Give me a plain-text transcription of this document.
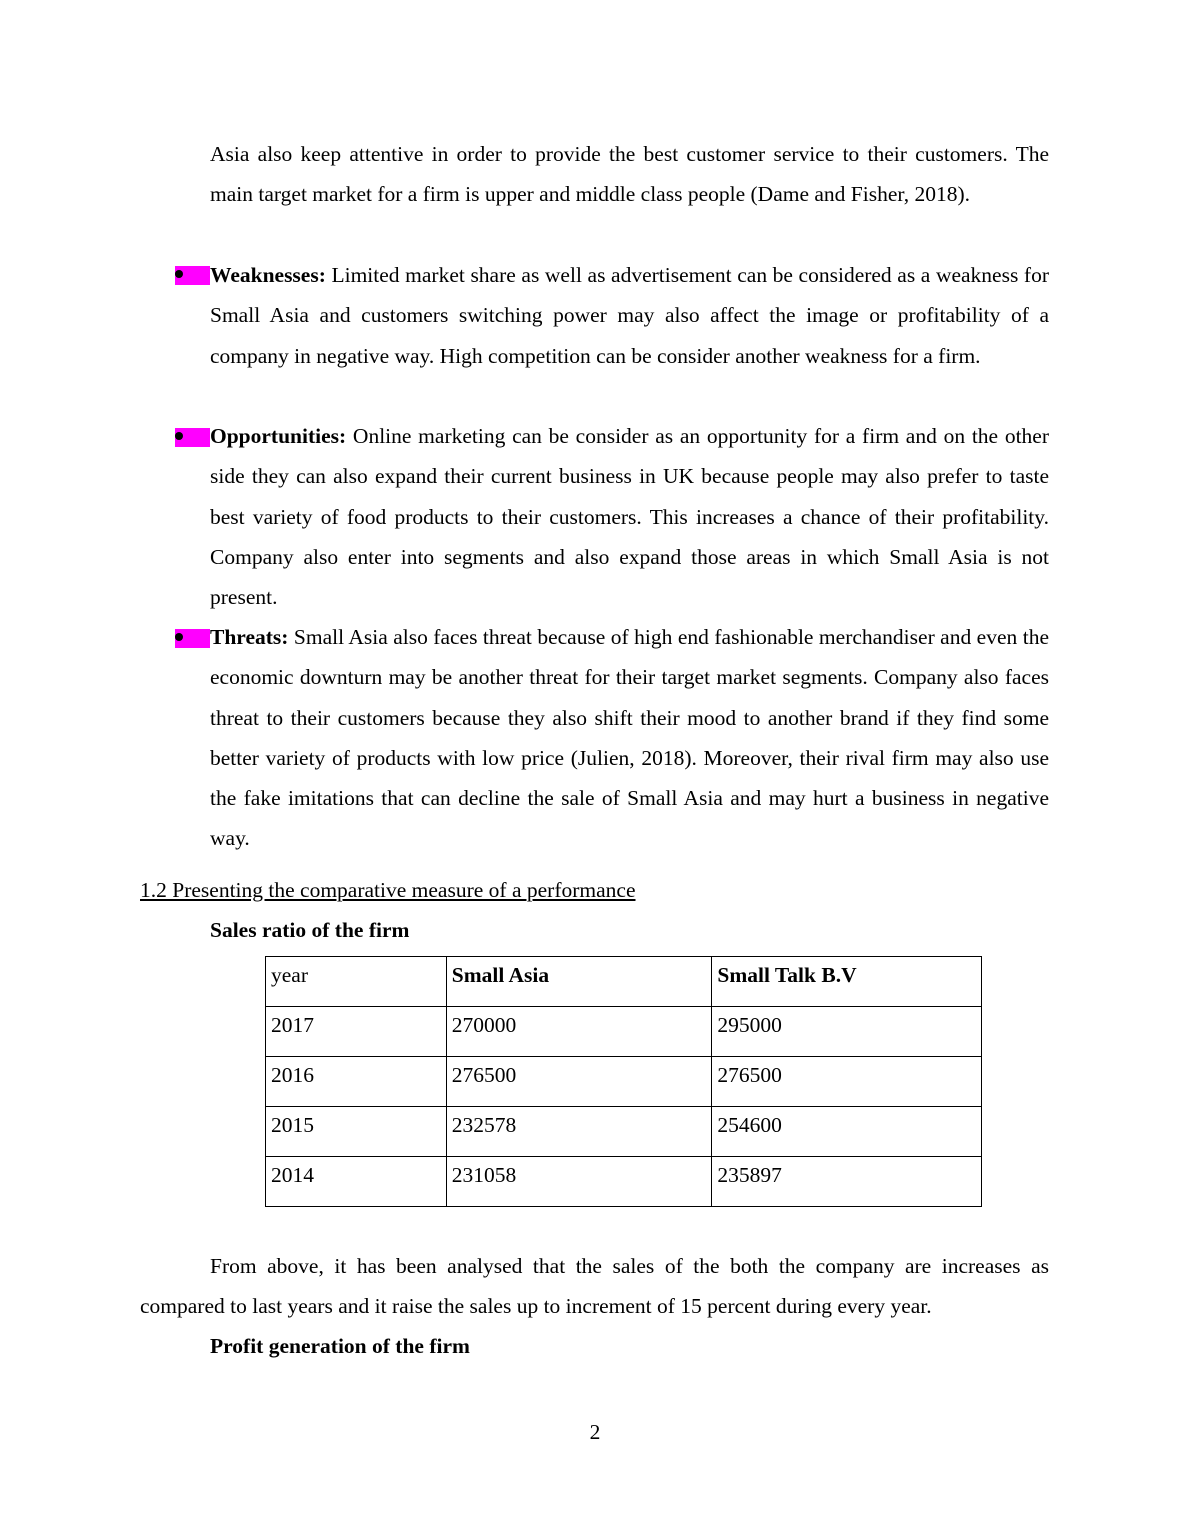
Asia also keep attentive in order to provide the best customer service to their customers. The main target market for a firm is upper and middle class people (Dame and Fisher, 2018).

Weaknesses: Limited market share as well as advertisement can be considered as a weakness for Small Asia and customers switching power may also affect the image or profitability of a company in negative way. High competition can be consider another weakness for a firm.

Opportunities: Online marketing can be consider as an opportunity for a firm and on the other side they can also expand their current business in UK because people may also prefer to taste best variety of food products to their customers. This increases a chance of their profitability. Company also enter into segments and also expand those areas in which Small Asia is not present.

Threats: Small Asia also faces threat because of high end fashionable merchandiser and even the economic downturn may be another threat for their target market segments. Company also faces threat to their customers because they also shift their mood to another brand if they find some better variety of products with low price (Julien, 2018). Moreover, their rival firm may also use the fake imitations that can decline the sale of Small Asia and may hurt a business in negative way.

1.2 Presenting the comparative measure of a performance

Sales ratio of the firm

year	Small Asia	Small Talk B.V
2017	270000	295000
2016	276500	276500
2015	232578	254600
2014	231058	235897

From above, it has been analysed that the sales of the both the company are increases as compared to last years and it raise the sales up to increment of 15 percent during every year.

Profit generation of the firm

2
